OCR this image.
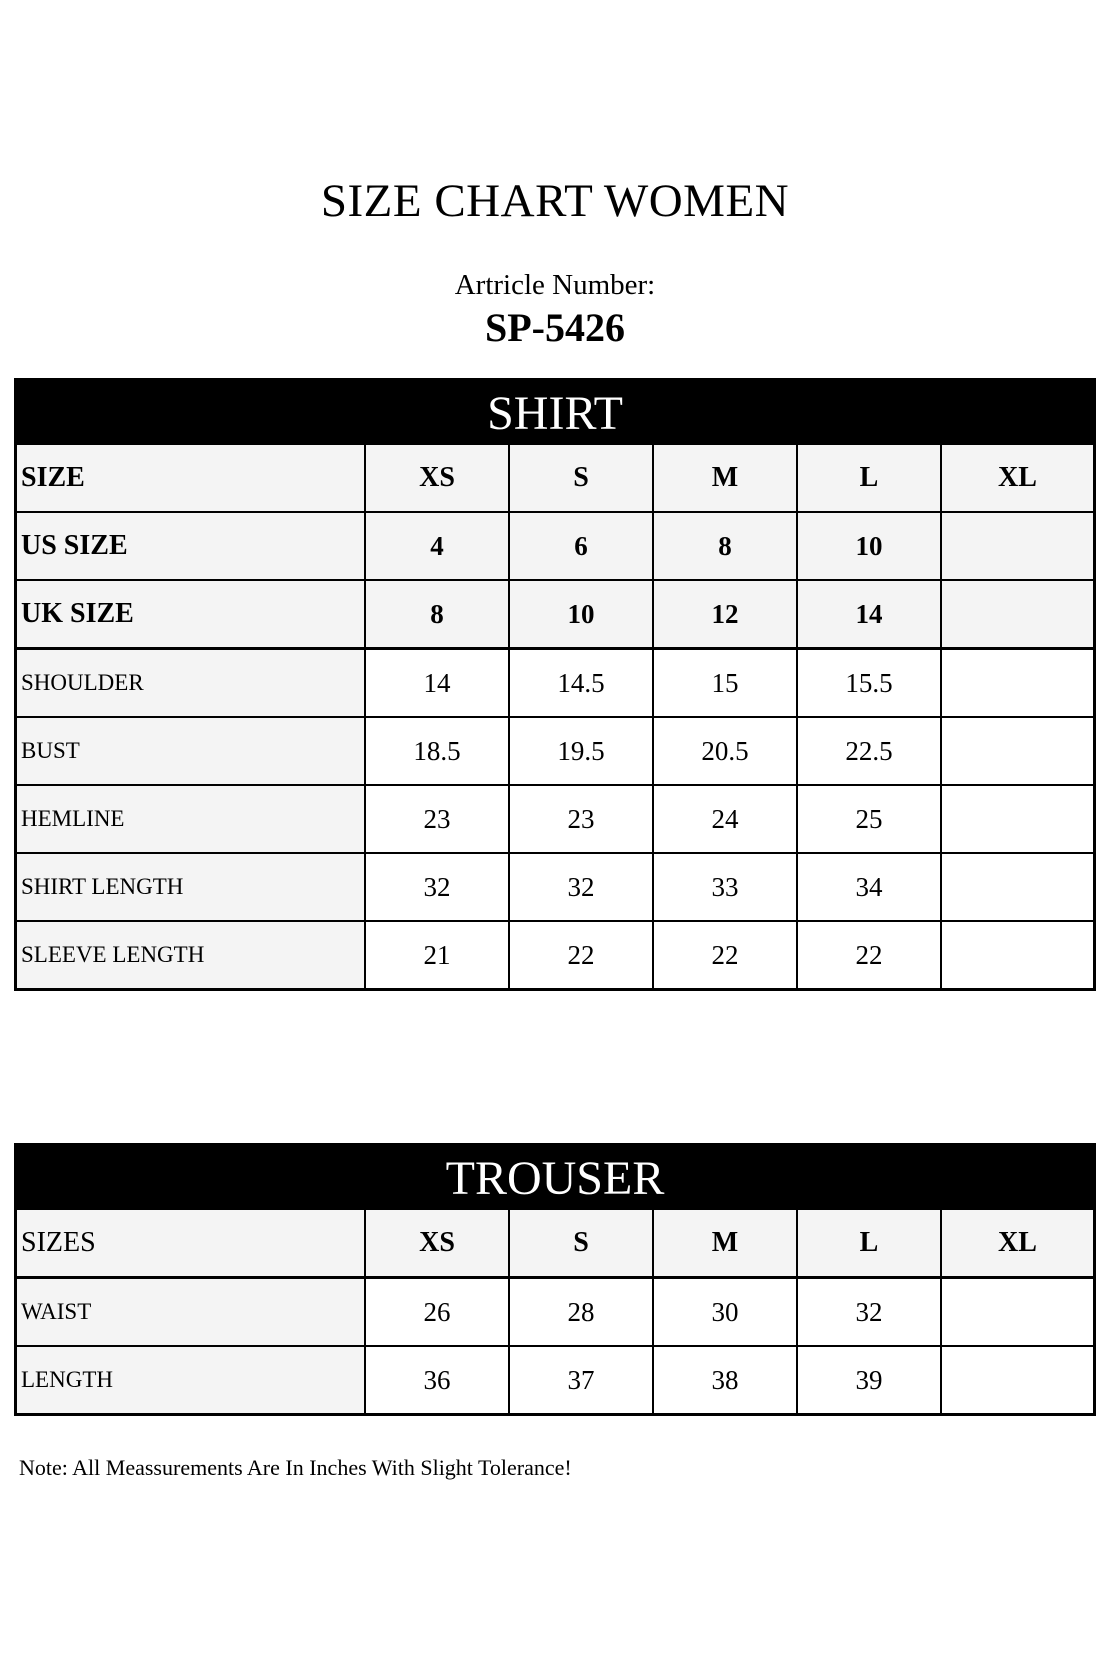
SIZE CHART WOMEN
Artricle Number:
SP-5426
SHIRT
SIZE	XS	S	M	L	XL
US SIZE	4	6	8	10	
UK SIZE	8	10	12	14	
SHOULDER	14	14.5	15	15.5	
BUST	18.5	19.5	20.5	22.5	
HEMLINE	23	23	24	25	
SHIRT LENGTH	32	32	33	34	
SLEEVE LENGTH	21	22	22	22	
TROUSER
SIZES	XS	S	M	L	XL
WAIST	26	28	30	32	
LENGTH	36	37	38	39	
Note: All Meassurements Are In Inches With Slight Tolerance!
